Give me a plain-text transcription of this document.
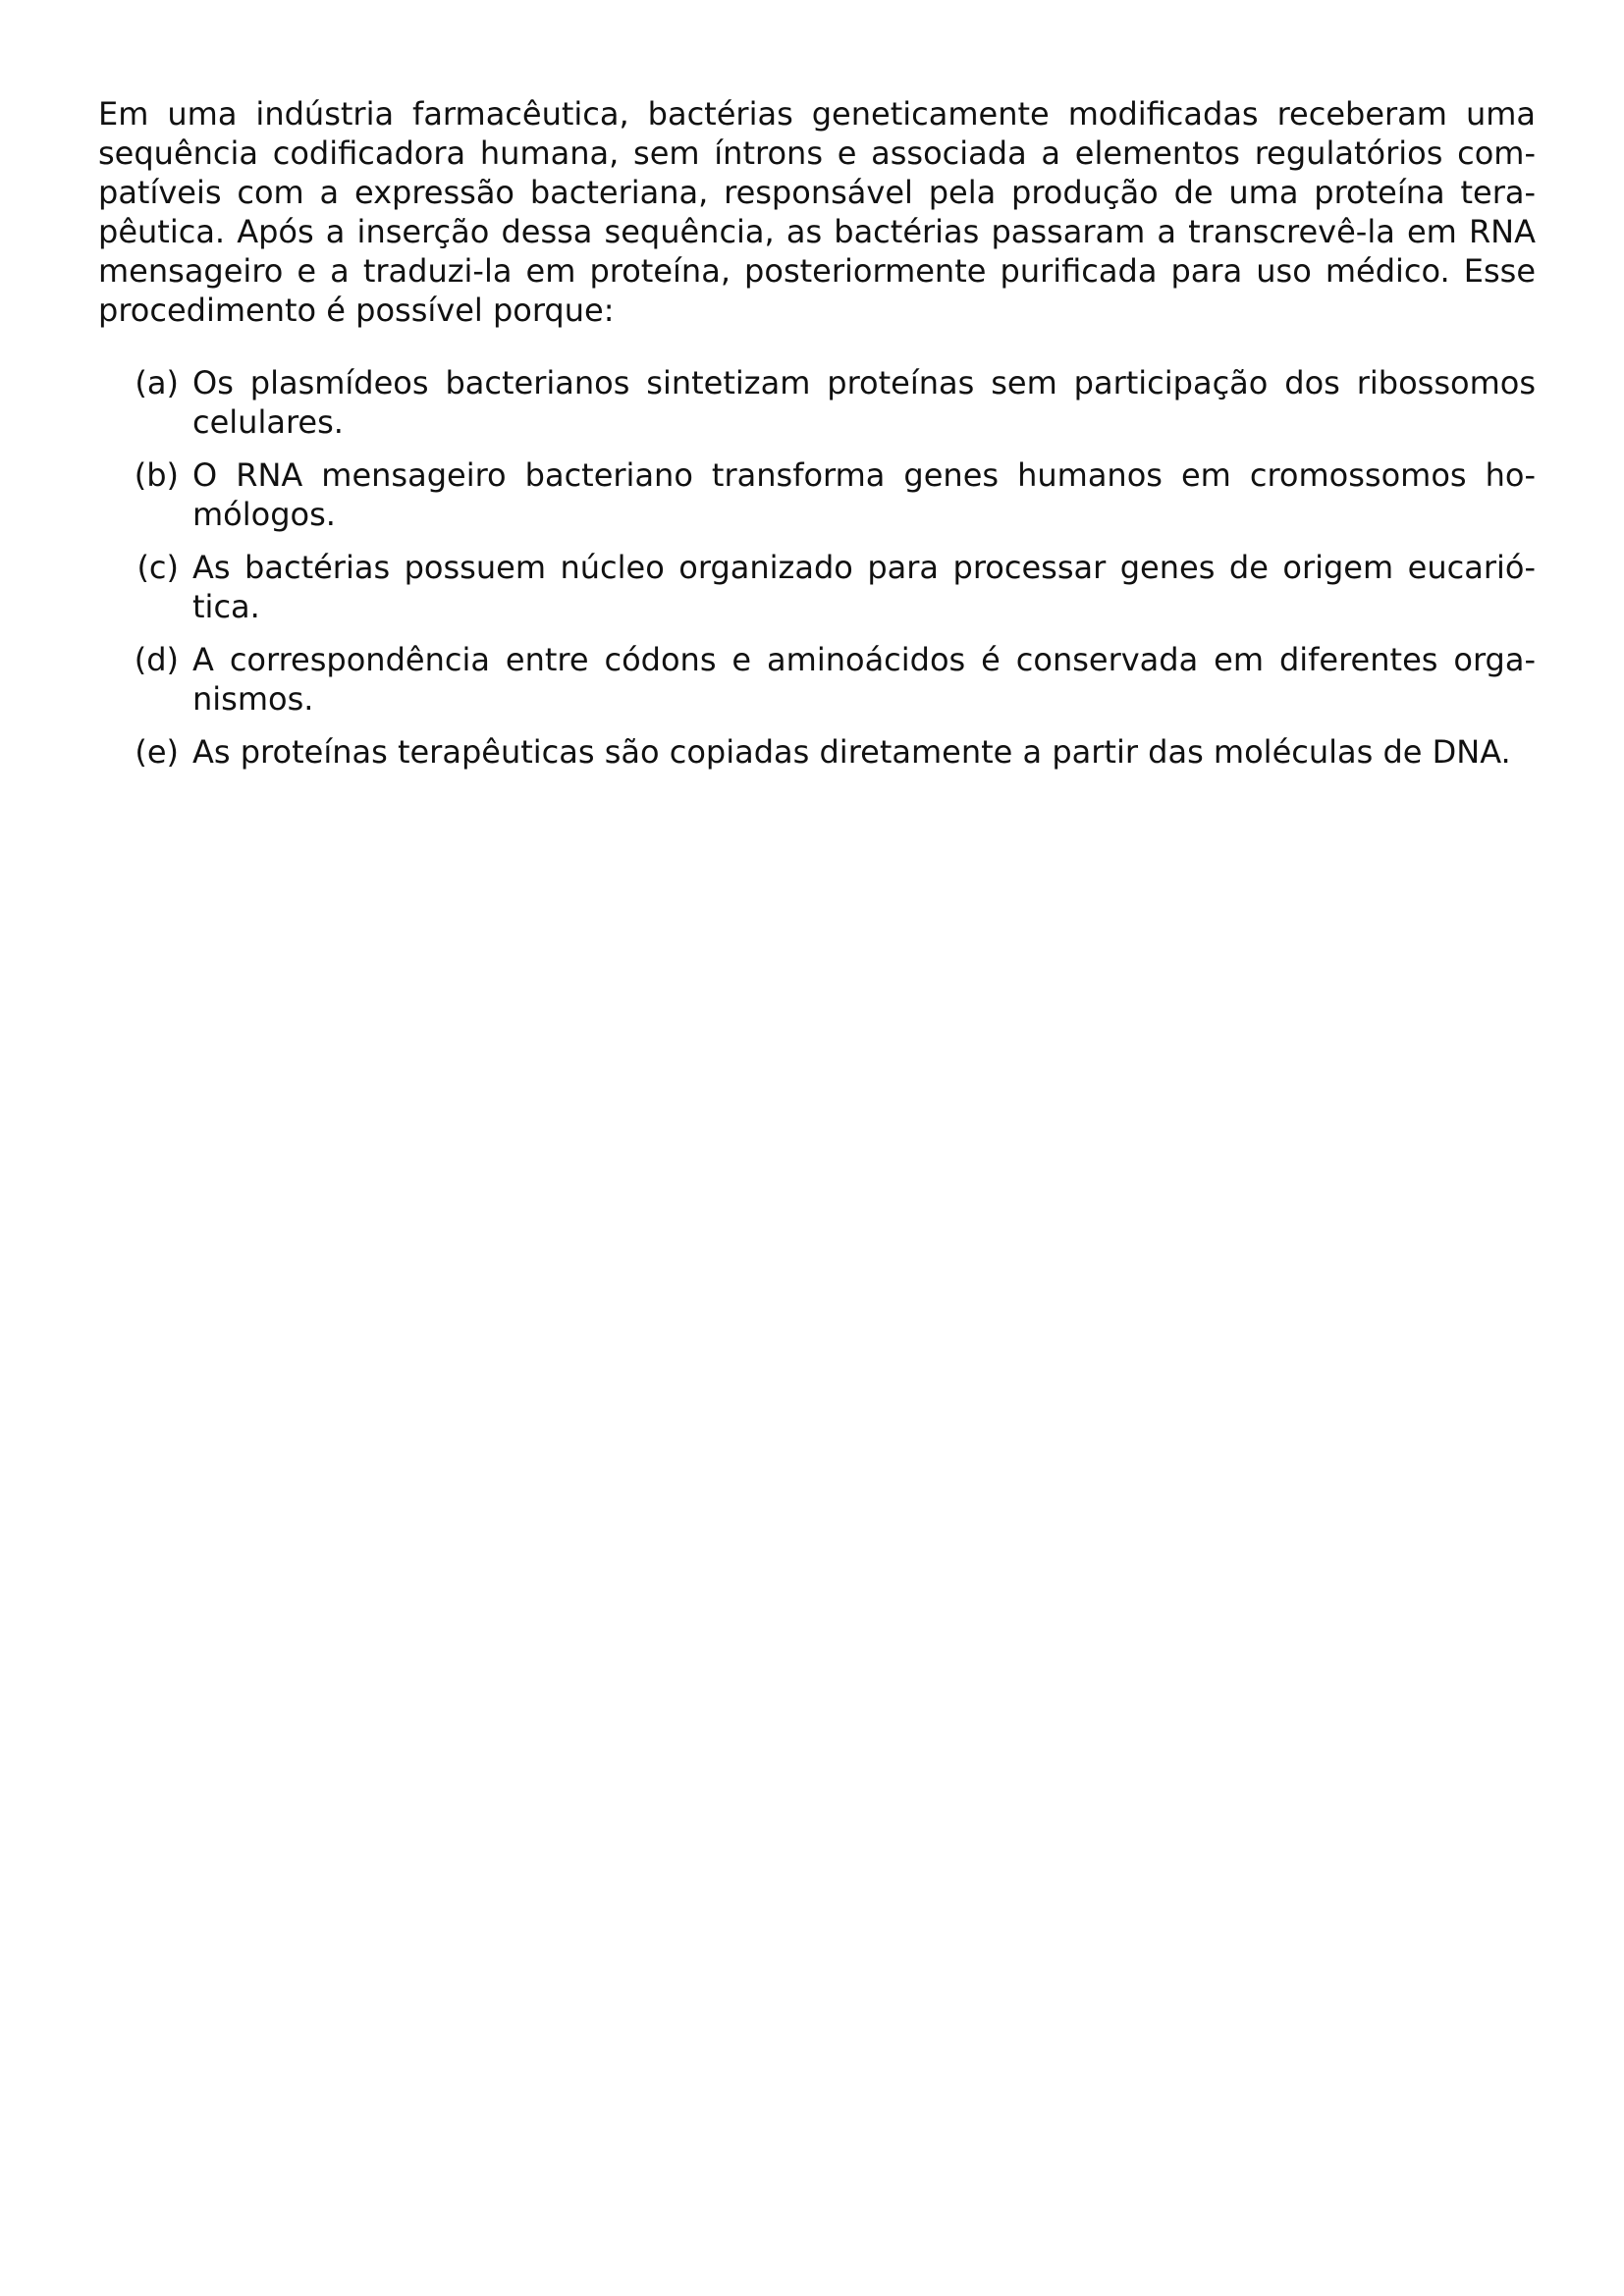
Em uma indústria farmacêutica, bactérias geneticamente modificadas receberam uma sequência codificadora humana, sem íntrons e associada a elementos regulatórios compatíveis com a expressão bacteriana, responsável pela produção de uma proteína terapêutica. Após a inserção dessa sequência, as bactérias passaram a transcrevê-la em RNA mensageiro e a traduzi-la em proteína, posteriormente purificada para uso médico. Esse procedimento é possível porque:

(a) Os plasmídeos bacterianos sintetizam proteínas sem participação dos ribossomos celulares.
(b) O RNA mensageiro bacteriano transforma genes humanos em cromossomos homólogos.
(c) As bactérias possuem núcleo organizado para processar genes de origem eucariótica.
(d) A correspondência entre códons e aminoácidos é conservada em diferentes organismos.
(e) As proteínas terapêuticas são copiadas diretamente a partir das moléculas de DNA.
